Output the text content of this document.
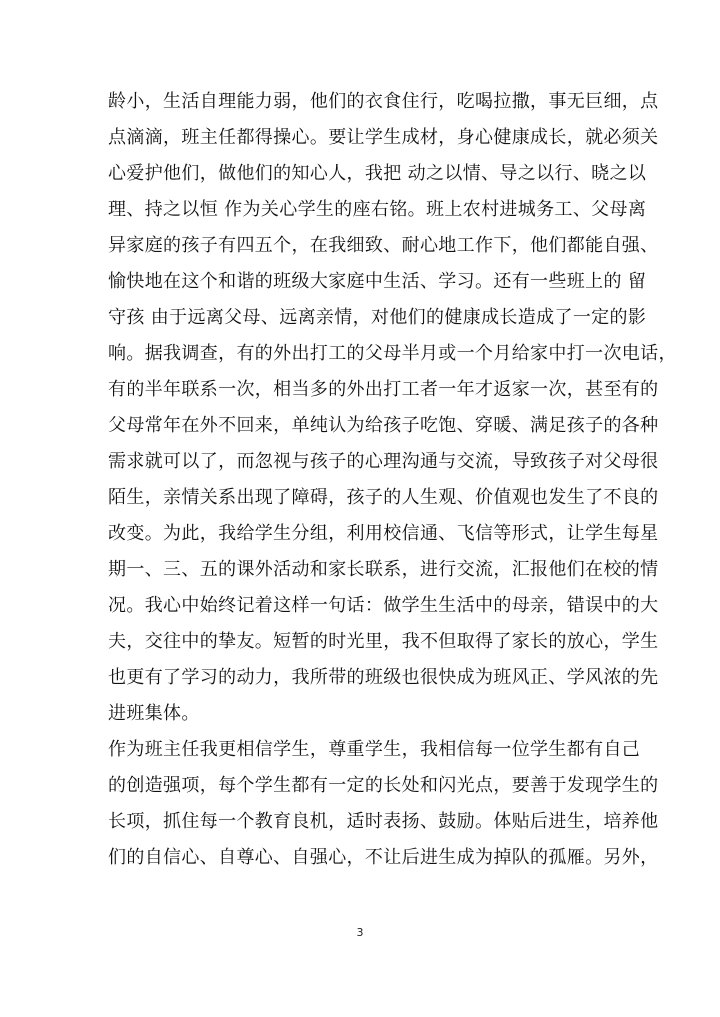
龄小，生活自理能力弱，他们的衣食住行，吃喝拉撒，事无巨细，点
点滴滴，班主任都得操心。要让学生成材，身心健康成长，就必须关
心爱护他们，做他们的知心人，我把 动之以情、导之以行、晓之以
理、持之以恒 作为关心学生的座右铭。班上农村进城务工、父母离
异家庭的孩子有四五个，在我细致、耐心地工作下，他们都能自强、
愉快地在这个和谐的班级大家庭中生活、学习。还有一些班上的 留
守孩 由于远离父母、远离亲情，对他们的健康成长造成了一定的影
响。据我调查，有的外出打工的父母半月或一个月给家中打一次电话，
有的半年联系一次，相当多的外出打工者一年才返家一次，甚至有的
父母常年在外不回来，单纯认为给孩子吃饱、穿暖、满足孩子的各种
需求就可以了，而忽视与孩子的心理沟通与交流，导致孩子对父母很
陌生，亲情关系出现了障碍，孩子的人生观、价值观也发生了不良的
改变。为此，我给学生分组，利用校信通、飞信等形式，让学生每星
期一、三、五的课外活动和家长联系，进行交流，汇报他们在校的情
况。我心中始终记着这样一句话：做学生生活中的母亲，错误中的大
夫，交往中的挚友。短暂的时光里，我不但取得了家长的放心，学生
也更有了学习的动力，我所带的班级也很快成为班风正、学风浓的先
进班集体。
作为班主任我更相信学生，尊重学生，我相信每一位学生都有自己
的创造强项，每个学生都有一定的长处和闪光点，要善于发现学生的
长项，抓住每一个教育良机，适时表扬、鼓励。体贴后进生，培养他
们的自信心、自尊心、自强心，不让后进生成为掉队的孤雁。另外，
3
